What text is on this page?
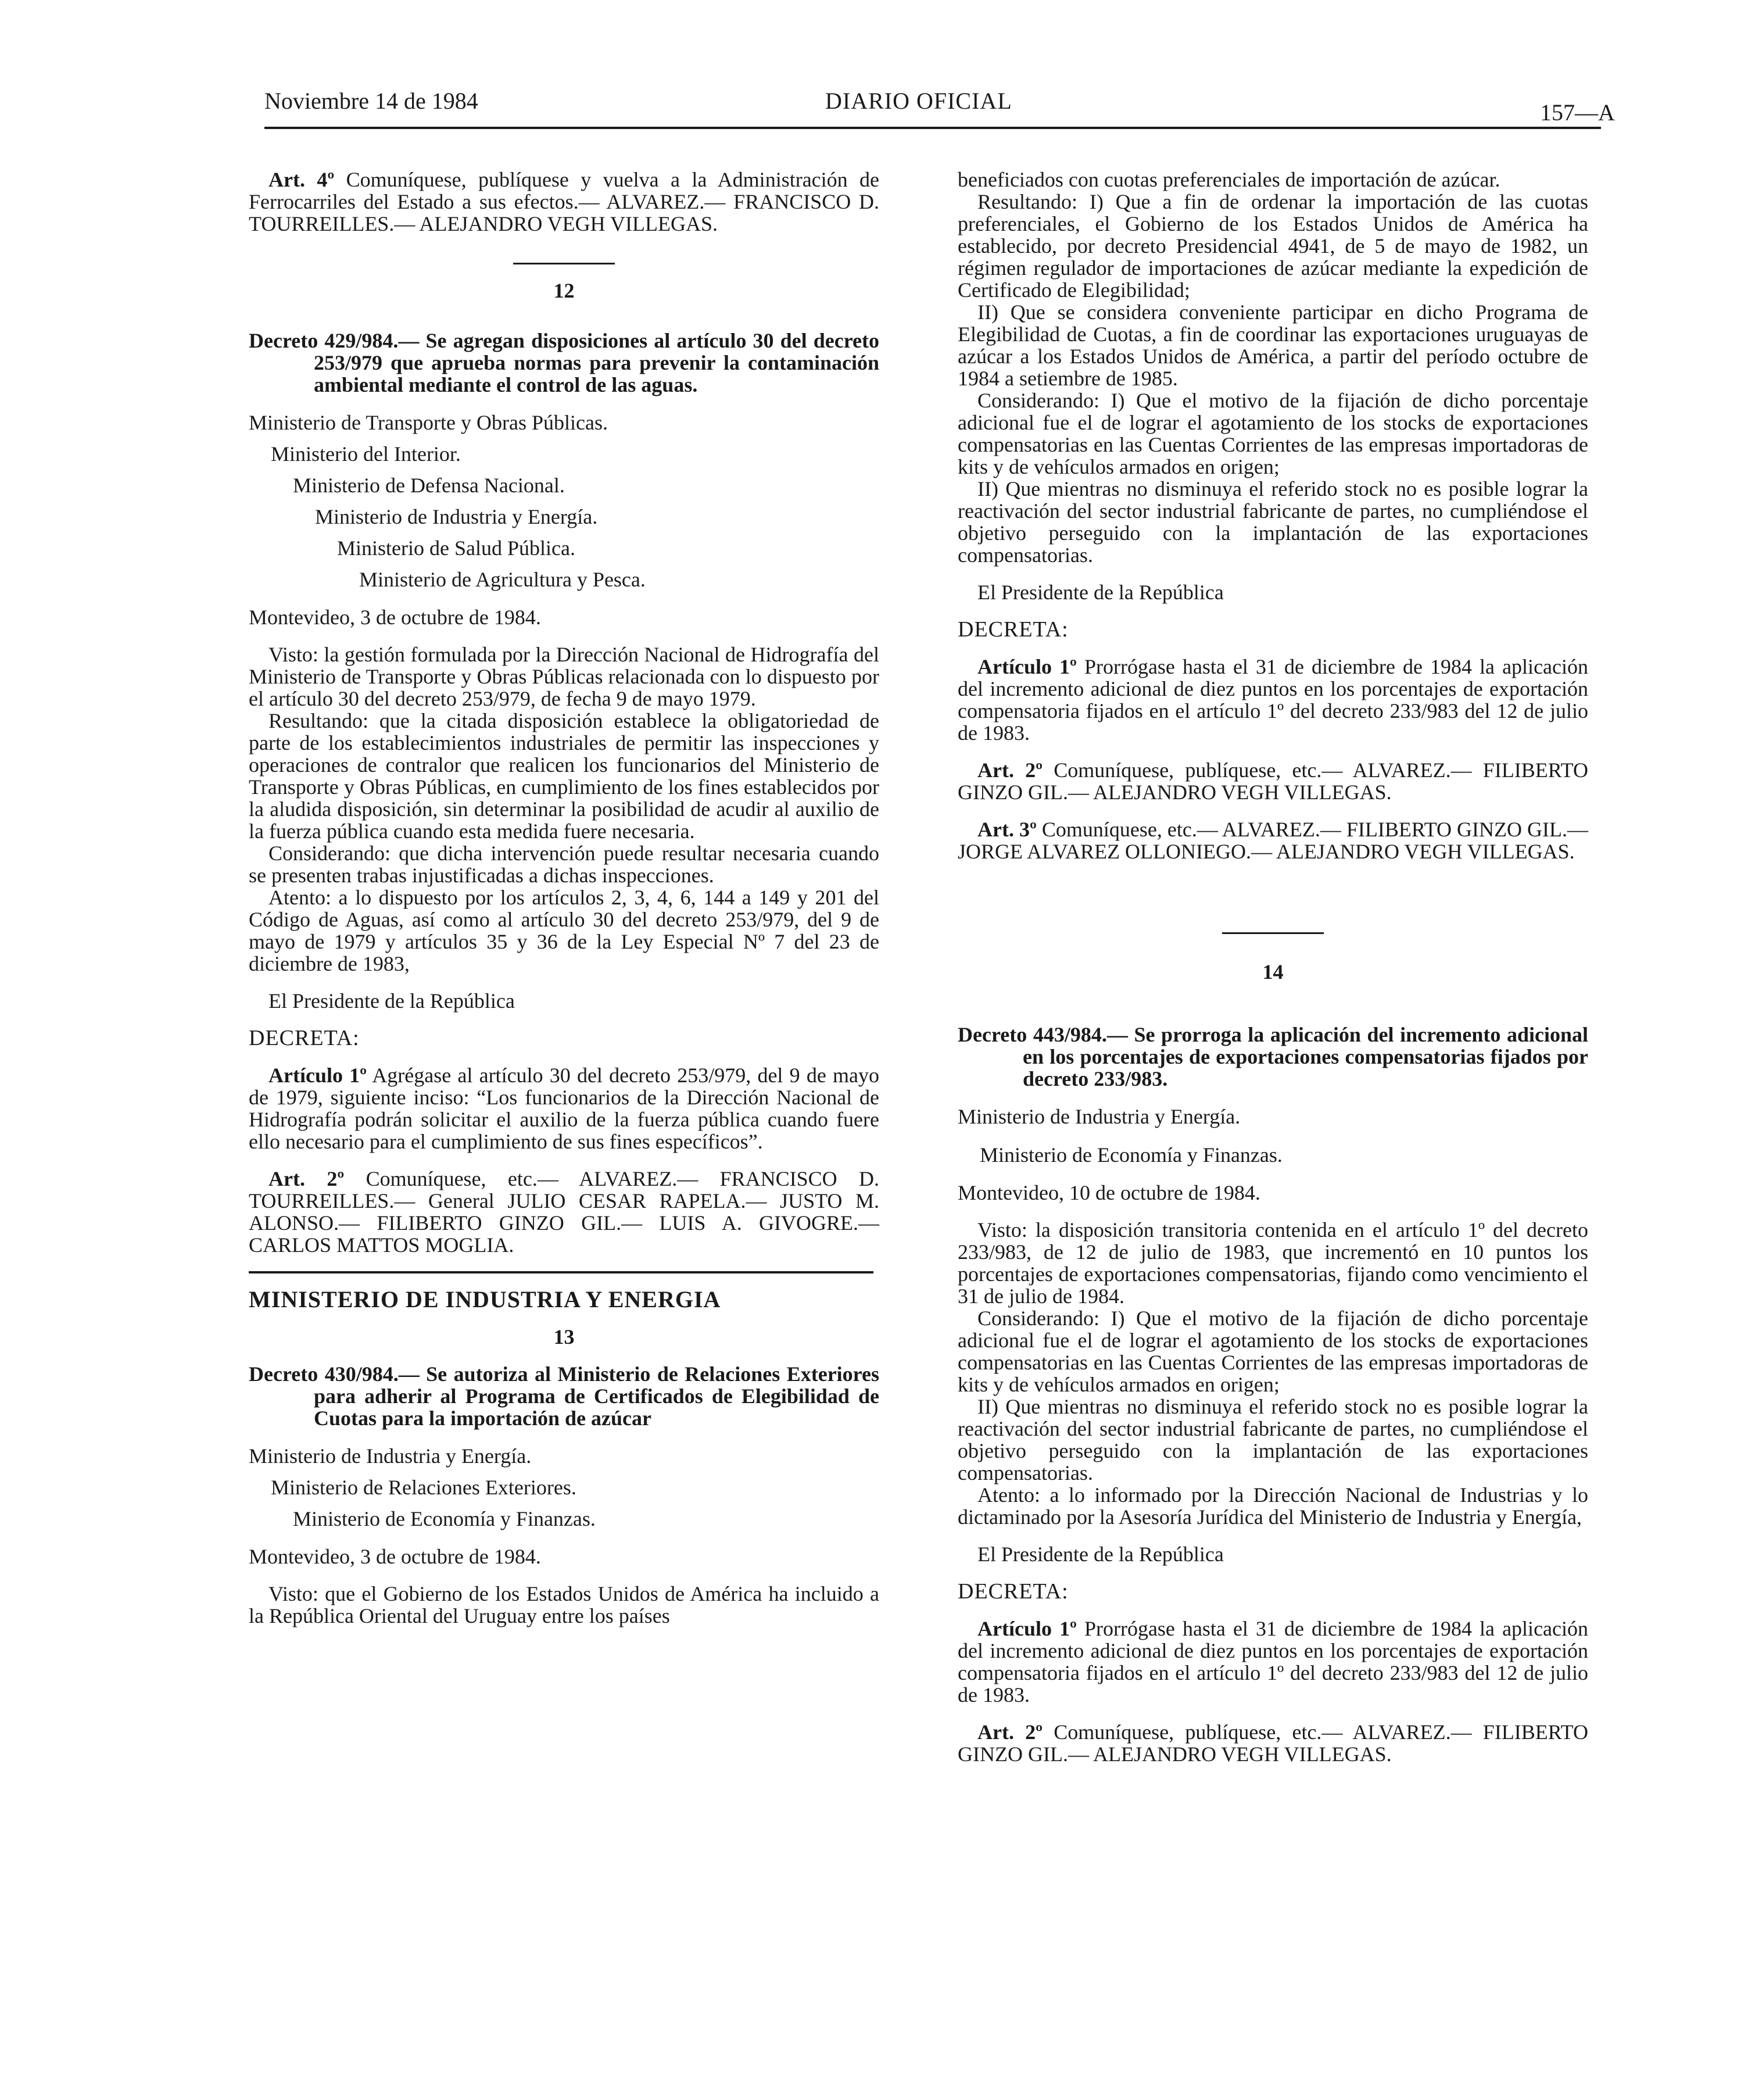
Noviembre 14 de 1984	DIARIO OFICIAL	157—A

Art. 4º Comuníquese, publíquese y vuelva a la Administración de Ferrocarriles del Estado a sus efectos.— ALVAREZ.— FRANCISCO D. TOURREILLES.— ALEJANDRO VEGH VILLEGAS.

12

Decreto 429/984.— Se agregan disposiciones al artículo 30 del decreto 253/979 que aprueba normas para prevenir la contaminación ambiental mediante el control de las aguas.

Ministerio de Transporte y Obras Públicas.

Ministerio del Interior.

Ministerio de Defensa Nacional.

Ministerio de Industria y Energía.

Ministerio de Salud Pública.

Ministerio de Agricultura y Pesca.

Montevideo, 3 de octubre de 1984.

Visto: la gestión formulada por la Dirección Nacional de Hidrografía del Ministerio de Transporte y Obras Públicas relacionada con lo dispuesto por el artículo 30 del decreto 253/979, de fecha 9 de mayo 1979.

Resultando: que la citada disposición establece la obligatoriedad de parte de los establecimientos industriales de permitir las inspecciones y operaciones de contralor que realicen los funcionarios del Ministerio de Transporte y Obras Públicas, en cumplimiento de los fines establecidos por la aludida disposición, sin determinar la posibilidad de acudir al auxilio de la fuerza pública cuando esta medida fuere necesaria.

Considerando: que dicha intervención puede resultar necesaria cuando se presenten trabas injustificadas a dichas inspecciones.

Atento: a lo dispuesto por los artículos 2, 3, 4, 6, 144 a 149 y 201 del Código de Aguas, así como al artículo 30 del decreto 253/979, del 9 de mayo de 1979 y artículos 35 y 36 de la Ley Especial Nº 7 del 23 de diciembre de 1983,

El Presidente de la República

DECRETA:

Artículo 1º Agrégase al artículo 30 del decreto 253/979, del 9 de mayo de 1979, siguiente inciso: “Los funcionarios de la Dirección Nacional de Hidrografía podrán solicitar el auxilio de la fuerza pública cuando fuere ello necesario para el cumplimiento de sus fines específicos”.

Art. 2º Comuníquese, etc.— ALVAREZ.— FRANCISCO D. TOURREILLES.— General JULIO CESAR RAPELA.— JUSTO M. ALONSO.— FILIBERTO GINZO GIL.— LUIS A. GIVOGRE.— CARLOS MATTOS MOGLIA.

MINISTERIO DE INDUSTRIA Y ENERGIA

13

Decreto 430/984.— Se autoriza al Ministerio de Relaciones Exteriores para adherir al Programa de Certificados de Elegibilidad de Cuotas para la importación de azúcar

Ministerio de Industria y Energía.

Ministerio de Relaciones Exteriores.

Ministerio de Economía y Finanzas.

Montevideo, 3 de octubre de 1984.

Visto: que el Gobierno de los Estados Unidos de América ha incluido a la República Oriental del Uruguay entre los países

beneficiados con cuotas preferenciales de importación de azúcar.

Resultando: I) Que a fin de ordenar la importación de las cuotas preferenciales, el Gobierno de los Estados Unidos de América ha establecido, por decreto Presidencial 4941, de 5 de mayo de 1982, un régimen regulador de importaciones de azúcar mediante la expedición de Certificado de Elegibilidad;

II) Que se considera conveniente participar en dicho Programa de Elegibilidad de Cuotas, a fin de coordinar las exportaciones uruguayas de azúcar a los Estados Unidos de América, a partir del período octubre de 1984 a setiembre de 1985.

Considerando: I) Que el motivo de la fijación de dicho porcentaje adicional fue el de lograr el agotamiento de los stocks de exportaciones compensatorias en las Cuentas Corrientes de las empresas importadoras de kits y de vehículos armados en origen;

II) Que mientras no disminuya el referido stock no es posible lograr la reactivación del sector industrial fabricante de partes, no cumpliéndose el objetivo perseguido con la implantación de las exportaciones compensatorias.

El Presidente de la República

DECRETA:

Artículo 1º Prorrógase hasta el 31 de diciembre de 1984 la aplicación del incremento adicional de diez puntos en los porcentajes de exportación compensatoria fijados en el artículo 1º del decreto 233/983 del 12 de julio de 1983.

Art. 2º Comuníquese, publíquese, etc.— ALVAREZ.— FILIBERTO GINZO GIL.— ALEJANDRO VEGH VILLEGAS.

Art. 3º Comuníquese, etc.— ALVAREZ.— FILIBERTO GINZO GIL.— JORGE ALVAREZ OLLONIEGO.— ALEJANDRO VEGH VILLEGAS.

14

Decreto 443/984.— Se prorroga la aplicación del incremento adicional en los porcentajes de exportaciones compensatorias fijados por decreto 233/983.

Ministerio de Industria y Energía.

Ministerio de Economía y Finanzas.

Montevideo, 10 de octubre de 1984.

Visto: la disposición transitoria contenida en el artículo 1º del decreto 233/983, de 12 de julio de 1983, que incrementó en 10 puntos los porcentajes de exportaciones compensatorias, fijando como vencimiento el 31 de julio de 1984.

Considerando: I) Que el motivo de la fijación de dicho porcentaje adicional fue el de lograr el agotamiento de los stocks de exportaciones compensatorias en las Cuentas Corrientes de las empresas importadoras de kits y de vehículos armados en origen;

II) Que mientras no disminuya el referido stock no es posible lograr la reactivación del sector industrial fabricante de partes, no cumpliéndose el objetivo perseguido con la implantación de las exportaciones compensatorias.

Atento: a lo informado por la Dirección Nacional de Industrias y lo dictaminado por la Asesoría Jurídica del Ministerio de Industria y Energía,

El Presidente de la República

DECRETA:

Artículo 1º Prorrógase hasta el 31 de diciembre de 1984 la aplicación del incremento adicional de diez puntos en los porcentajes de exportación compensatoria fijados en el artículo 1º del decreto 233/983 del 12 de julio de 1983.

Art. 2º Comuníquese, publíquese, etc.— ALVAREZ.— FILIBERTO GINZO GIL.— ALEJANDRO VEGH VILLEGAS.
